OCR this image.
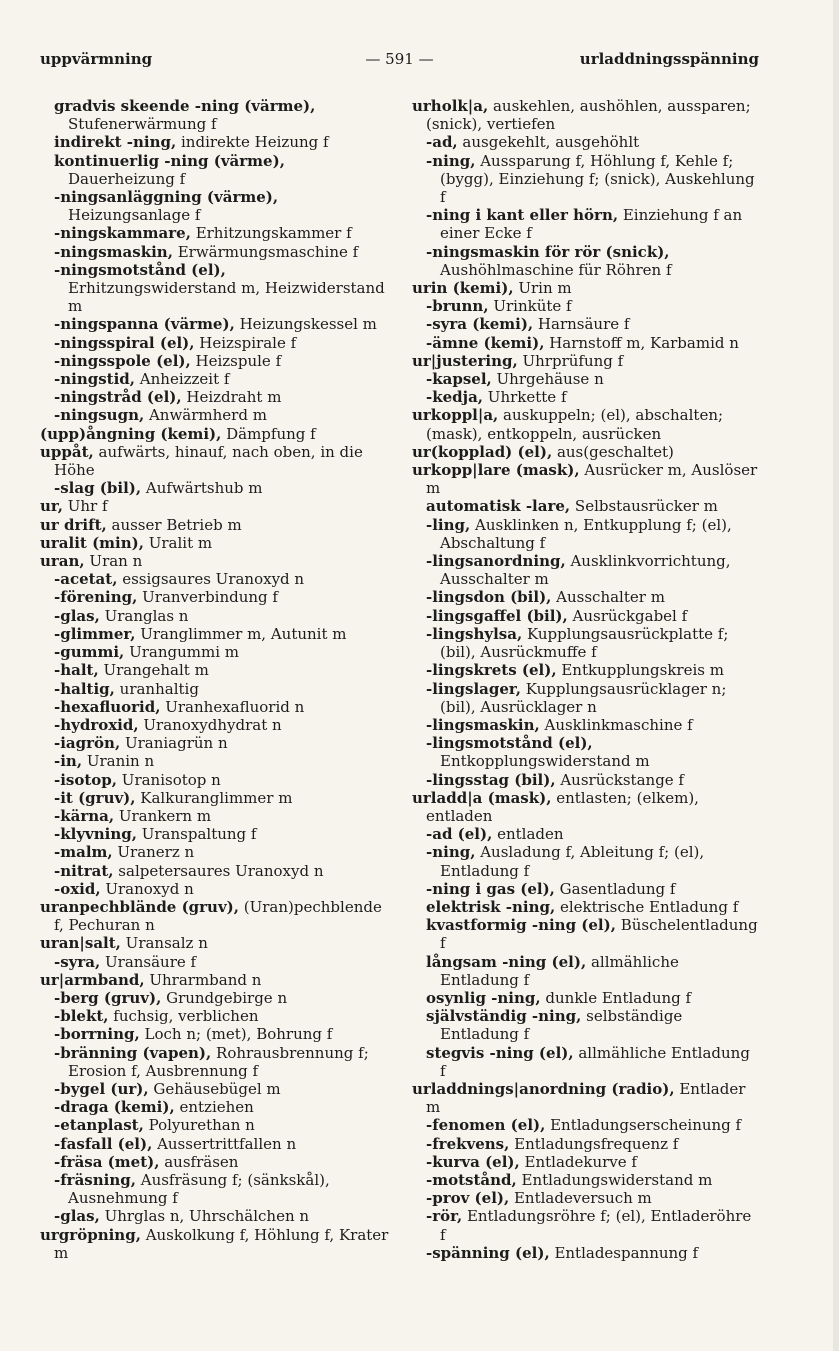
uppvärmning	— 591 —	urladdningsspänning

gradvis skeende -ning (värme), Stufenerwärmung f

indirekt -ning, indirekte Heizung f

kontinuerlig -ning (värme), Dauerheizung f

-ningsanläggning (värme), Heizungsanlage f

-ningskammare, Erhitzungskammer f

-ningsmaskin, Erwärmungsmaschine f

-ningsmotstånd (el), Erhitzungswiderstand m, Heizwiderstand m

-ningspanna (värme), Heizungskessel m

-ningsspiral (el), Heizspirale f

-ningsspole (el), Heizspule f

-ningstid, Anheizzeit f

-ningstråd (el), Heizdraht m

-ningsugn, Anwärmherd m

(upp)ångning (kemi), Dämpfung f

uppåt, aufwärts, hinauf, nach oben, in die Höhe

-slag (bil), Aufwärtshub m

ur, Uhr f

ur drift, ausser Betrieb m

uralit (min), Uralit m

uran, Uran n

-acetat, essigsaures Uranoxyd n

-förening, Uranverbindung f

-glas, Uranglas n

-glimmer, Uranglimmer m, Autunit m

-gummi, Urangummi m

-halt, Urangehalt m

-haltig, uranhaltig

-hexafluorid, Uranhexafluorid n

-hydroxid, Uranoxydhydrat n

-iagrön, Uraniagrün n

-in, Uranin n

-isotop, Uranisotop n

-it (gruv), Kalkuranglimmer m

-kärna, Urankern m

-klyvning, Uranspaltung f

-malm, Uranerz n

-nitrat, salpetersaures Uranoxyd n

-oxid, Uranoxyd n

uranpechblände (gruv), (Uran)pechblende f, Pechuran n

uran|salt, Uransalz n

-syra, Uransäure f

ur|armband, Uhrarmband n

-berg (gruv), Grundgebirge n

-blekt, fuchsig, verblichen

-borrning, Loch n; (met), Bohrung f

-bränning (vapen), Rohrausbrennung f; Erosion f, Ausbrennung f

-bygel (ur), Gehäusebügel m

-draga (kemi), entziehen

-etanplast, Polyurethan n

-fasfall (el), Aussertrittfallen n

-fräsa (met), ausfräsen

-fräsning, Ausfräsung f; (sänkskål), Ausnehmung f

-glas, Uhrglas n, Uhrschälchen n

urgröpning, Auskolkung f, Höhlung f, Krater m

urholk|a, auskehlen, aushöhlen, aussparen; (snick), vertiefen

-ad, ausgekehlt, ausgehöhlt

-ning, Aussparung f, Höhlung f, Kehle f; (bygg), Einziehung f; (snick), Auskehlung f

-ning i kant eller hörn, Einziehung f an einer Ecke f

-ningsmaskin för rör (snick), Aushöhlmaschine für Röhren f

urin (kemi), Urin m

-brunn, Urinküte f

-syra (kemi), Harnsäure f

-ämne (kemi), Harnstoff m, Karbamid n

ur|justering, Uhrprüfung f

-kapsel, Uhrgehäuse n

-kedja, Uhrkette f

urkoppl|a, auskuppeln; (el), abschalten; (mask), entkoppeln, ausrücken

ur(kopplad) (el), aus(geschaltet)

urkopp|lare (mask), Ausrücker m, Auslöser m

automatisk -lare, Selbstausrücker m

-ling, Ausklinken n, Entkupplung f; (el), Abschaltung f

-lingsanordning, Ausklinkvorrichtung, Ausschalter m

-lingsdon (bil), Ausschalter m

-lingsgaffel (bil), Ausrückgabel f

-lingshylsa, Kupplungsausrückplatte f; (bil), Ausrückmuffe f

-lingskrets (el), Entkupplungskreis m

-lingslager, Kupplungsausrücklager n; (bil), Ausrücklager n

-lingsmaskin, Ausklinkmaschine f

-lingsmotstånd (el), Entkopplungswiderstand m

-lingsstag (bil), Ausrückstange f

urladd|a (mask), entlasten; (elkem), entladen

-ad (el), entladen

-ning, Ausladung f, Ableitung f; (el), Entladung f

-ning i gas (el), Gasentladung f

elektrisk -ning, elektrische Entladung f

kvastformig -ning (el), Büschelentladung f

långsam -ning (el), allmähliche Entladung f

osynlig -ning, dunkle Entladung f

självständig -ning, selbständige Entladung f

stegvis -ning (el), allmähliche Entladung f

urladdnings|anordning (radio), Entlader m

-fenomen (el), Entladungserscheinung f

-frekvens, Entladungsfrequenz f

-kurva (el), Entladekurve f

-motstånd, Entladungswiderstand m

-prov (el), Entladeversuch m

-rör, Entladungsröhre f; (el), Entladeröhre f

-spänning (el), Entladespannung f
